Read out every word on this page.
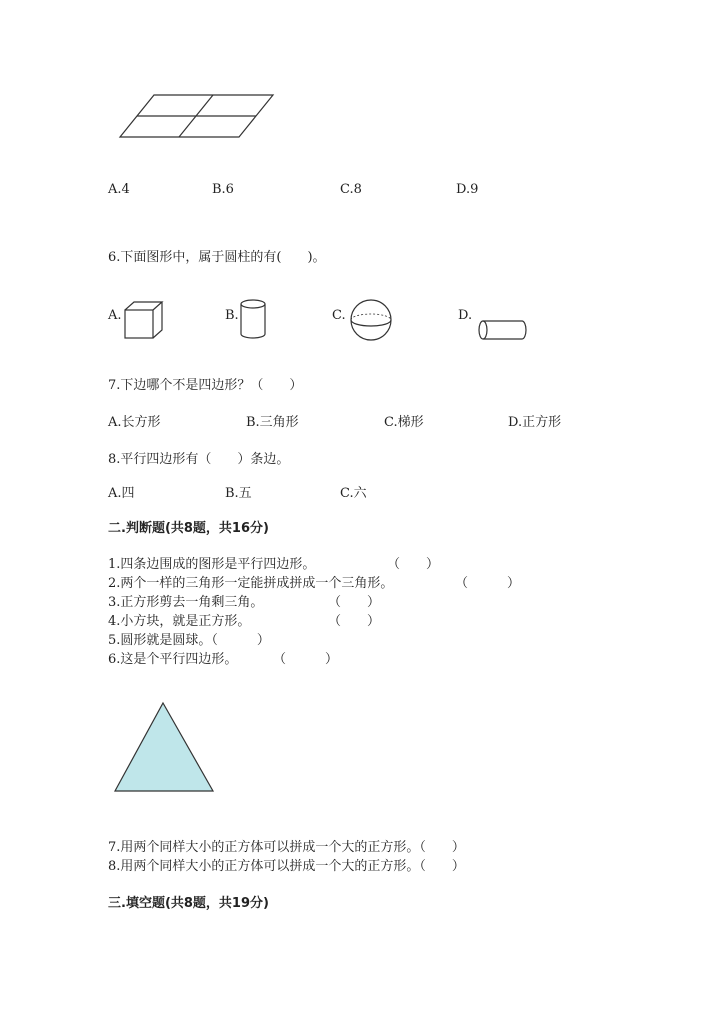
A.4	B.6	C.8	D.9
6.下面图形中，属于圆柱的有(　　)。
A.	B.	C.	D.
7.下边哪个不是四边形？（　　）
A.长方形	B.三角形	C.梯形	D.正方形
8.平行四边形有（　　）条边。
A.四	B.五	C.六
二.判断题(共8题，共16分)
1.四条边围成的图形是平行四边形。	（　　）
2.两个一样的三角形一定能拼成拼成一个三角形。	（　　　）
3.正方形剪去一角剩三角。	（　　）
4.小方块，就是正方形。	（　　）
5.圆形就是圆球。（　　　）
6.这是个平行四边形。	（　　　）
7.用两个同样大小的正方体可以拼成一个大的正方形。（　　）
8.用两个同样大小的正方体可以拼成一个大的正方形。（　　）
三.填空题(共8题，共19分)
